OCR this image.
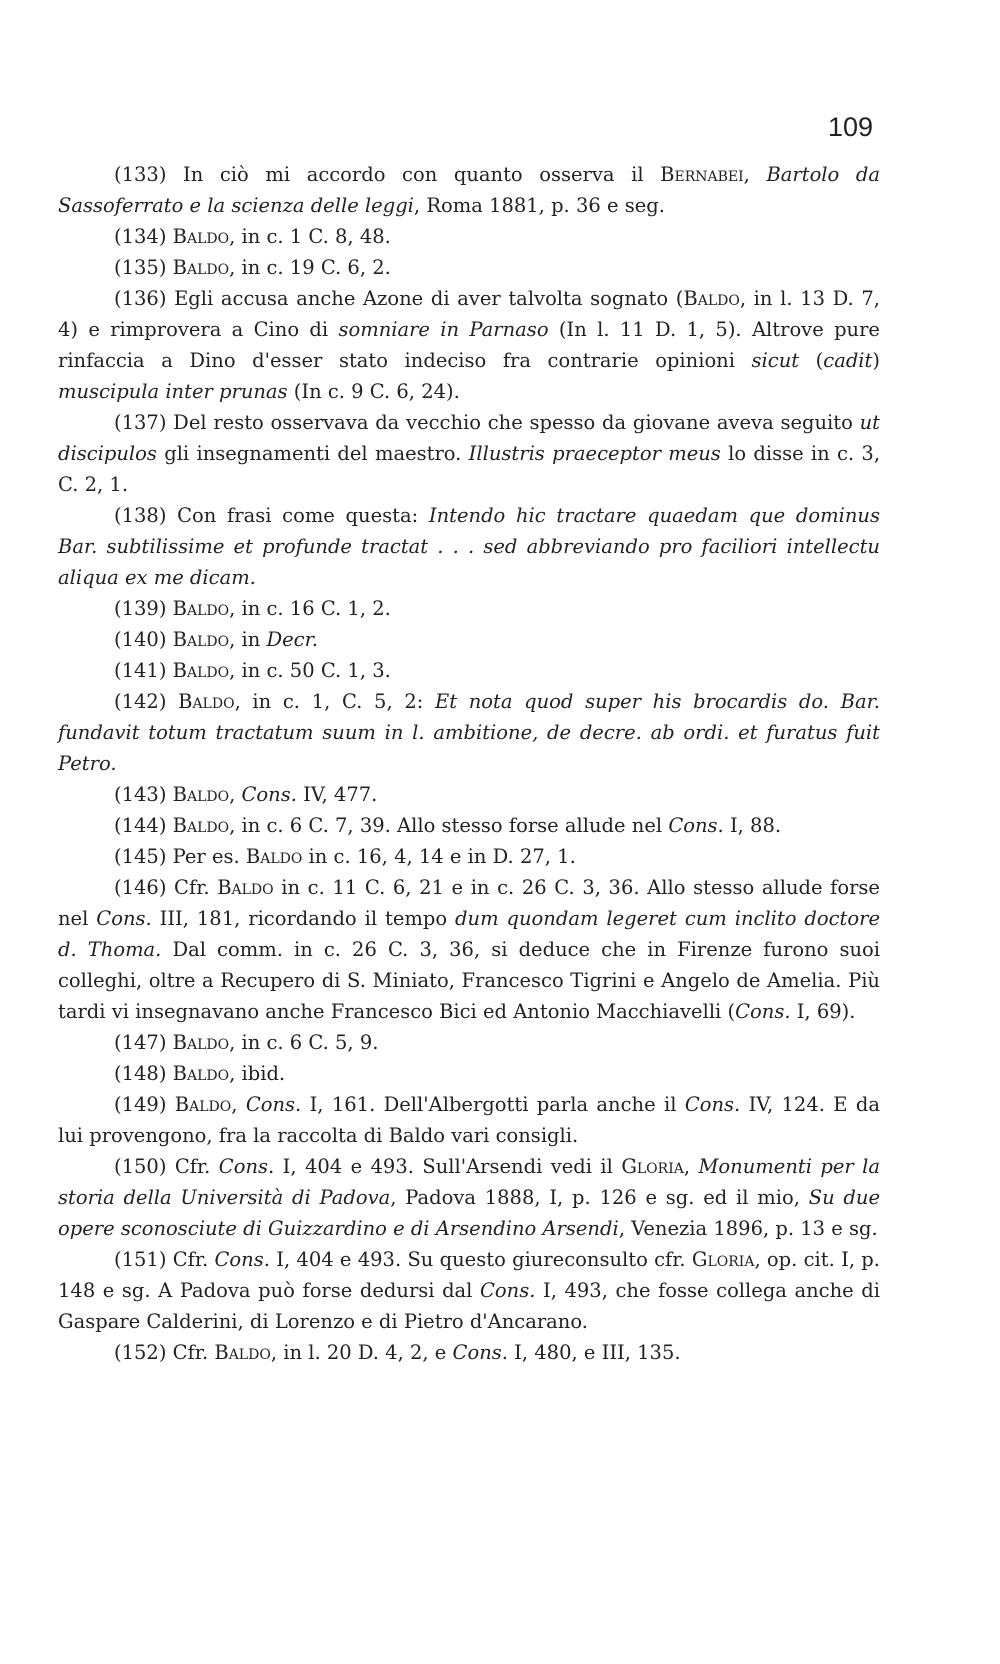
109

(133) In ciò mi accordo con quanto osserva il Bernabei, Bartolo da Sassoferrato e la scienza delle leggi, Roma 1881, p. 36 e seg.

(134) Baldo, in c. 1 C. 8, 48.

(135) Baldo, in c. 19 C. 6, 2.

(136) Egli accusa anche Azone di aver talvolta sognato (Baldo, in l. 13 D. 7, 4) e rimprovera a Cino di somniare in Parnaso (In l. 11 D. 1, 5). Altrove pure rinfaccia a Dino d'esser stato indeciso fra contrarie opinioni sicut (cadit) muscipula inter prunas (In c. 9 C. 6, 24).

(137) Del resto osservava da vecchio che spesso da giovane aveva seguito ut discipulos gli insegnamenti del maestro. Illustris praeceptor meus lo disse in c. 3, C. 2, 1.

(138) Con frasi come questa: Intendo hic tractare quaedam que dominus Bar. subtilissime et profunde tractat . . . sed abbreviando pro faciliori intellectu aliqua ex me dicam.

(139) Baldo, in c. 16 C. 1, 2.

(140) Baldo, in Decr.

(141) Baldo, in c. 50 C. 1, 3.

(142) Baldo, in c. 1, C. 5, 2: Et nota quod super his brocardis do. Bar. fundavit totum tractatum suum in l. ambitione, de decre. ab ordi. et furatus fuit Petro.

(143) Baldo, Cons. IV, 477.

(144) Baldo, in c. 6 C. 7, 39. Allo stesso forse allude nel Cons. I, 88.

(145) Per es. Baldo in c. 16, 4, 14 e in D. 27, 1.

(146) Cfr. Baldo in c. 11 C. 6, 21 e in c. 26 C. 3, 36. Allo stesso allude forse nel Cons. III, 181, ricordando il tempo dum quondam legeret cum inclito doctore d. Thoma. Dal comm. in c. 26 C. 3, 36, si deduce che in Firenze furono suoi colleghi, oltre a Recupero di S. Miniato, Francesco Tigrini e Angelo de Amelia. Più tardi vi insegnavano anche Francesco Bici ed Antonio Macchiavelli (Cons. I, 69).

(147) Baldo, in c. 6 C. 5, 9.

(148) Baldo, ibid.

(149) Baldo, Cons. I, 161. Dell'Albergotti parla anche il Cons. IV, 124. E da lui provengono, fra la raccolta di Baldo vari consigli.

(150) Cfr. Cons. I, 404 e 493. Sull'Arsendi vedi il Gloria, Monumenti per la storia della Università di Padova, Padova 1888, I, p. 126 e sg. ed il mio, Su due opere sconosciute di Guizzardino e di Arsendino Arsendi, Venezia 1896, p. 13 e sg.

(151) Cfr. Cons. I, 404 e 493. Su questo giureconsulto cfr. Gloria, op. cit. I, p. 148 e sg. A Padova può forse dedursi dal Cons. I, 493, che fosse collega anche di Gaspare Calderini, di Lorenzo e di Pietro d'Ancarano.

(152) Cfr. Baldo, in l. 20 D. 4, 2, e Cons. I, 480, e III, 135.
